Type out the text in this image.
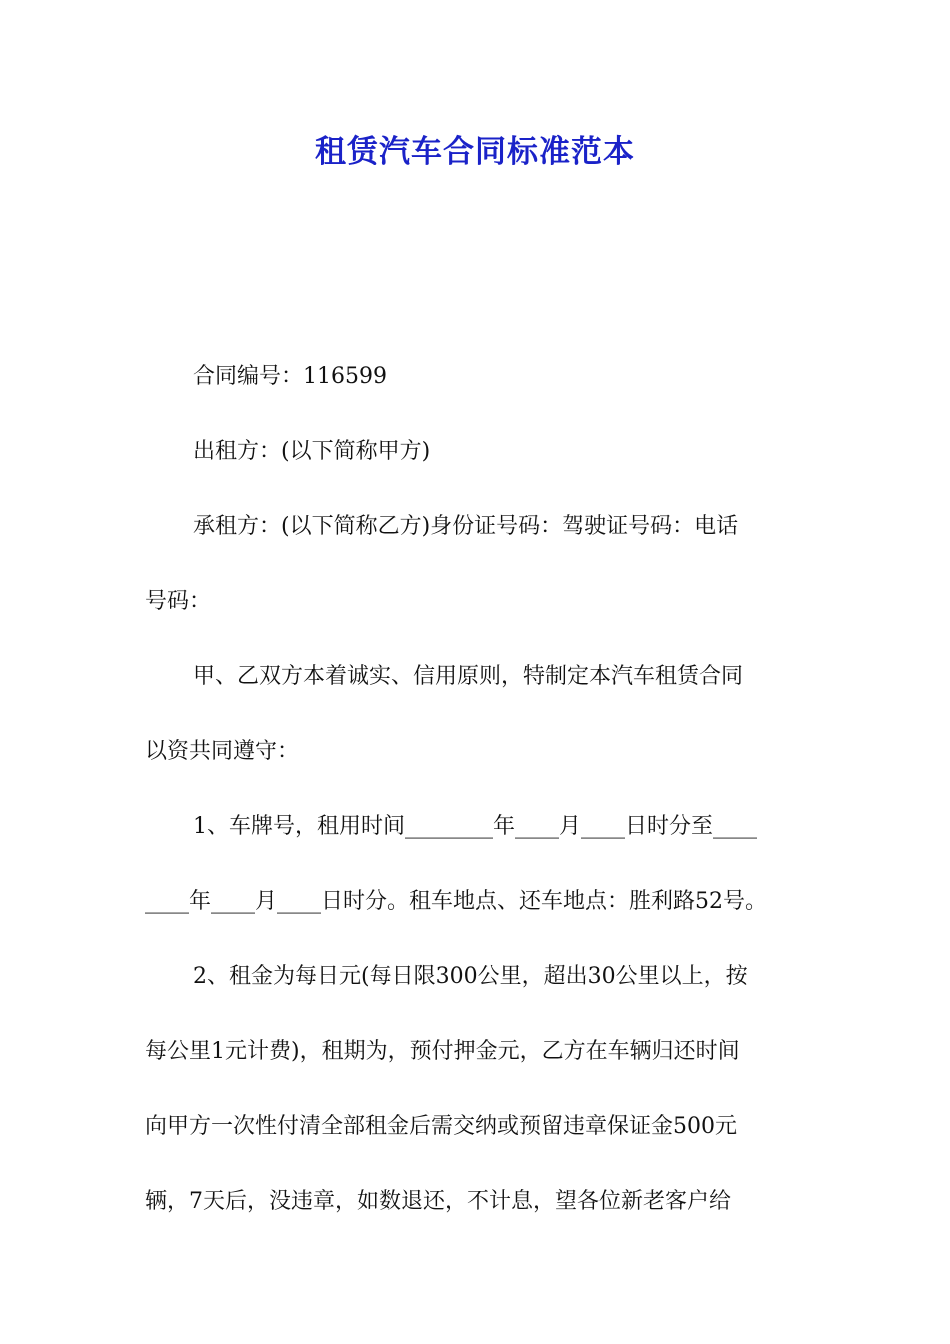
租赁汽车合同标准范本

合同编号：116599

出租方：(以下简称甲方)

承租方：(以下简称乙方)身份证号码：驾驶证号码：电话

号码：

甲、乙双方本着诚实、信用原则，特制定本汽车租赁合同

以资共同遵守：

1、车牌号，租用时间________年____月____日时分至____

____年____月____日时分。租车地点、还车地点：胜利路52号。

2、租金为每日元(每日限300公里，超出30公里以上，按

每公里1元计费)，租期为，预付押金元，乙方在车辆归还时间

向甲方一次性付清全部租金后需交纳或预留违章保证金500元

辆，7天后，没违章，如数退还，不计息，望各位新老客户给
